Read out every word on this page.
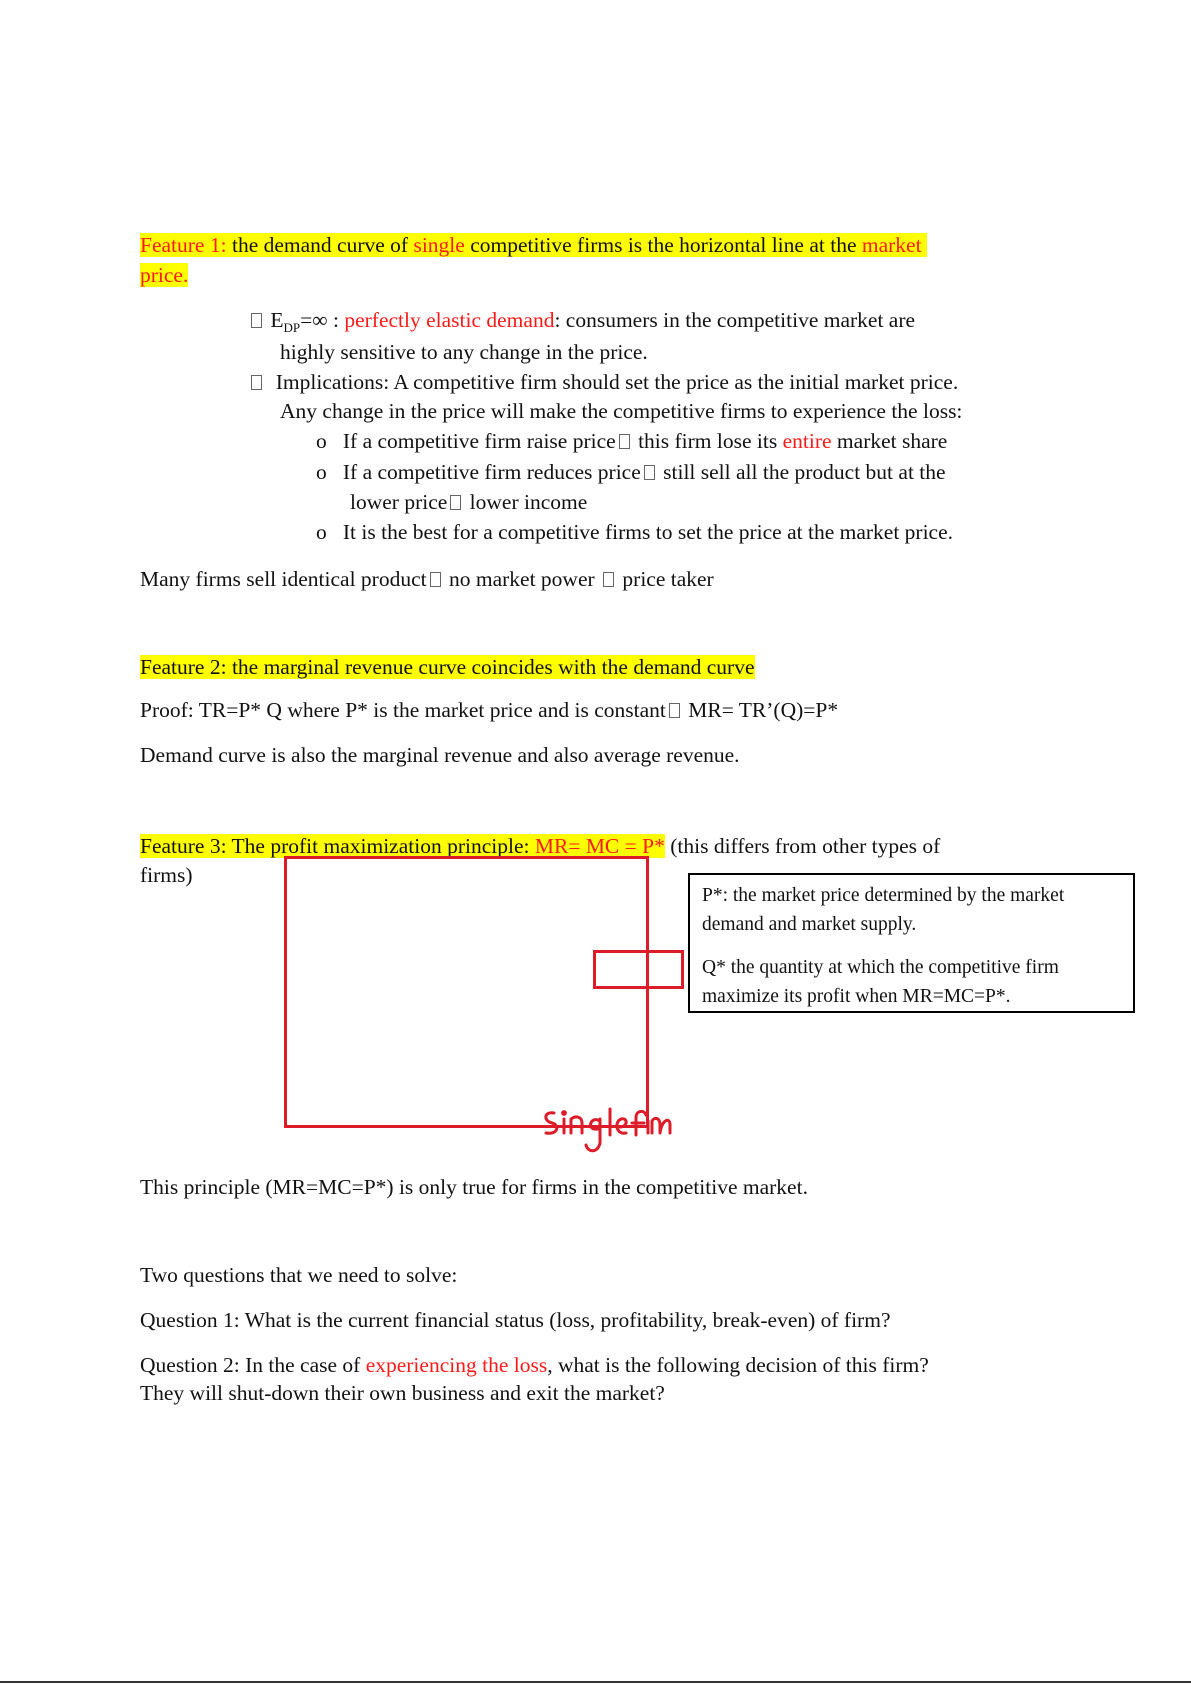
Feature 1: the demand curve of single competitive firms is the horizontal line at the market
price.
$E_{DP}=\infty$ : perfectly elastic demand: consumers in the competitive market are
highly sensitive to any change in the price.
Implications: A competitive firm should set the price as the initial market price.
Any change in the price will make the competitive firms to experience the loss:
o If a competitive firm raise price this firm lose its entire market share
o If a competitive firm reduces price still sell all the product but at the
lower price lower income
o It is the best for a competitive firms to set the price at the market price.
Many firms sell identical product no market power  price taker
Feature 2: the marginal revenue curve coincides with the demand curve
Proof: TR=P* Q where P* is the market price and is constant MR= TR’(Q)=P*
Demand curve is also the marginal revenue and also average revenue.
Feature 3: The profit maximization principle: MR= MC = P* (this differs from other types of
firms)

P*: the market price determined by the market demand and market supply.

Q* the quantity at which the competitive firm maximize its profit when MR=MC=P*.

This principle (MR=MC=P*) is only true for firms in the competitive market.
Two questions that we need to solve:
Question 1: What is the current financial status (loss, profitability, break-even) of firm?
Question 2: In the case of experiencing the loss, what is the following decision of this firm?
They will shut-down their own business and exit the market?
